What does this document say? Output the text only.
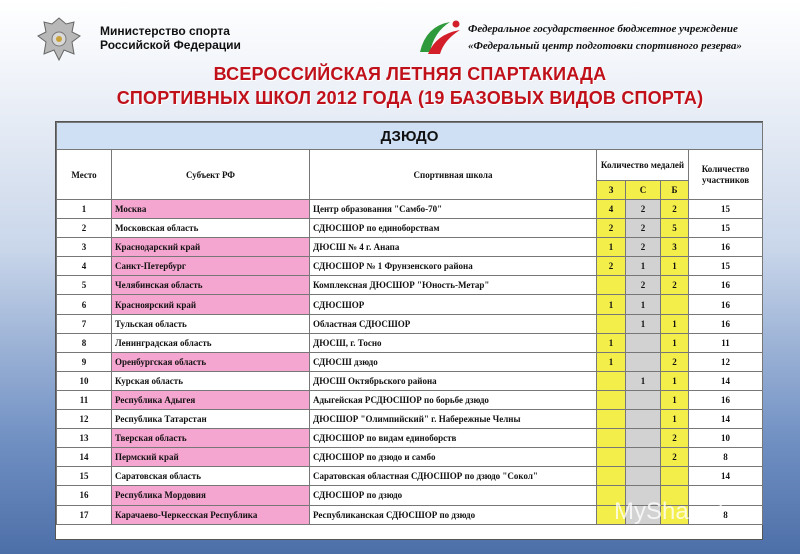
Министерство спорта
Российской Федерации
Федеральное государственное бюджетное учреждение
«Федеральный центр подготовки спортивного резерва»
ВСЕРОССИЙСКАЯ ЛЕТНЯЯ СПАРТАКИАДА
СПОРТИВНЫХ ШКОЛ 2012 ГОДА (19 БАЗОВЫХ ВИДОВ СПОРТА)
ДЗЮДО						
Место	Субъект РФ	Спортивная школа	Количество медалей			Количество участников
			З	С	Б	
1	Москва	Центр образования "Самбо-70"	4	2	2	15
2	Московская область	СДЮСШОР по единоборствам	2	2	5	15
3	Краснодарский край	ДЮСШ № 4 г. Анапа	1	2	3	16
4	Санкт-Петербург	СДЮСШОР № 1 Фрунзенского района	2	1	1	15
5	Челябинская область	Комплексная ДЮСШОР "Юность-Метар"		2	2	16
6	Красноярский край	СДЮСШОР	1	1		16
7	Тульская область	Областная СДЮСШОР		1	1	16
8	Ленинградская область	ДЮСШ, г. Тосно	1		1	11
9	Оренбургская область	СДЮСШ дзюдо	1		2	12
10	Курская область	ДЮСШ Октябрьского района		1	1	14
11	Республика Адыгея	Адыгейская РСДЮСШОР по борьбе дзюдо			1	16
12	Республика Татарстан	ДЮСШОР "Олимпийский" г. Набережные Челны			1	14
13	Тверская область	СДЮСШОР по видам единоборств			2	10
14	Пермский край	СДЮСШОР по дзюдо и самбо			2	8
15	Саратовская область	Саратовская областная СДЮСШОР по дзюдо "Сокол"				14
16	Республика Мордовия	СДЮСШОР по дзюдо				
17	Карачаево-Черкесская Республика	Республиканская СДЮСШОР по дзюдо				8
MyShared
